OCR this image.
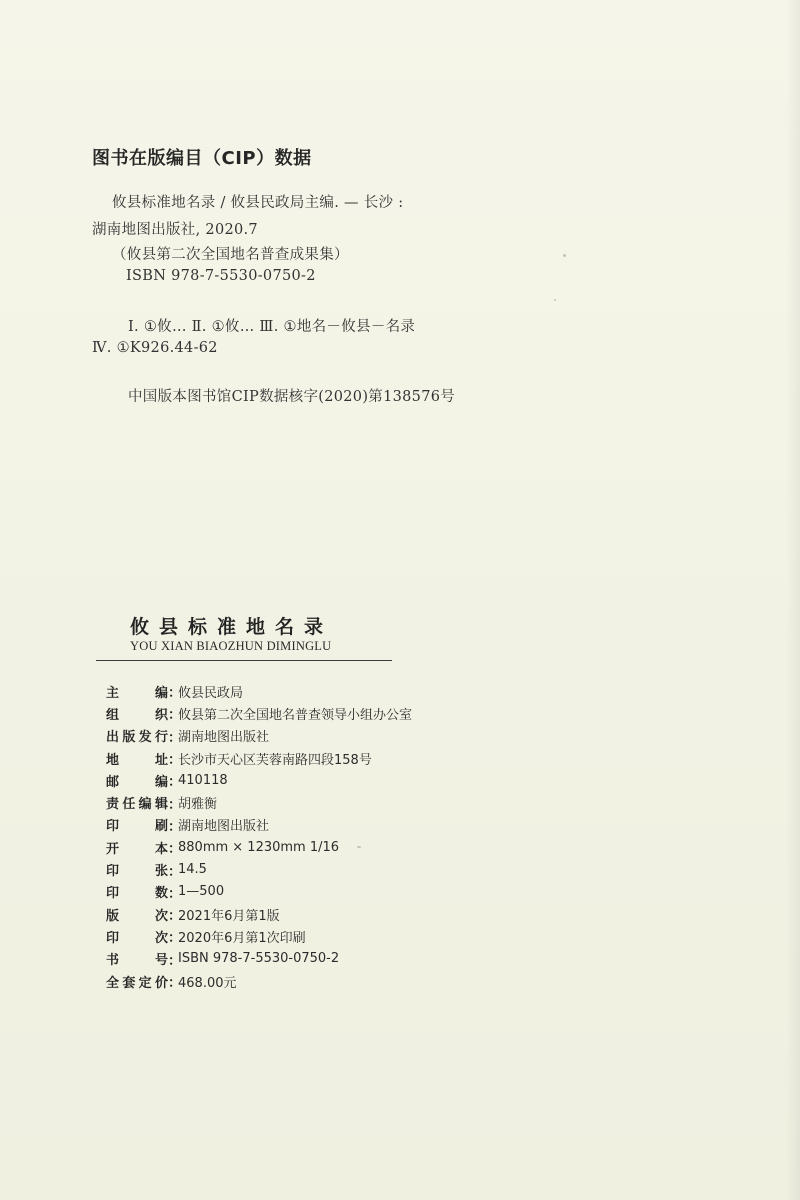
图书在版编目（CIP）数据
攸县标准地名录 / 攸县民政局主编. — 长沙 :
湖南地图出版社, 2020.7
（攸县第二次全国地名普查成果集）
ISBN 978-7-5530-0750-2
Ⅰ. ①攸… Ⅱ. ①攸… Ⅲ. ①地名－攸县－名录
Ⅳ. ①K926.44-62
中国版本图书馆CIP数据核字(2020)第138576号
攸县标准地名录
YOU XIAN BIAOZHUN DIMINGLU
主编 ：
攸县民政局
组织 ：
攸县第二次全国地名普查领导小组办公室
出版发行 ：
湖南地图出版社
地址 ：
长沙市天心区芙蓉南路四段158号
邮编 ：
410118
责任编辑 ：
胡雅衡
印刷 ：
湖南地图出版社
开本 ：
880mm × 1230mm 1/16
印张 ：
14.5
印数 ：
1—500
版次 ：
2021年6月第1版
印次 ：
2020年6月第1次印刷
书号 ：
ISBN 978-7-5530-0750-2
全套定价 ：
468.00元
